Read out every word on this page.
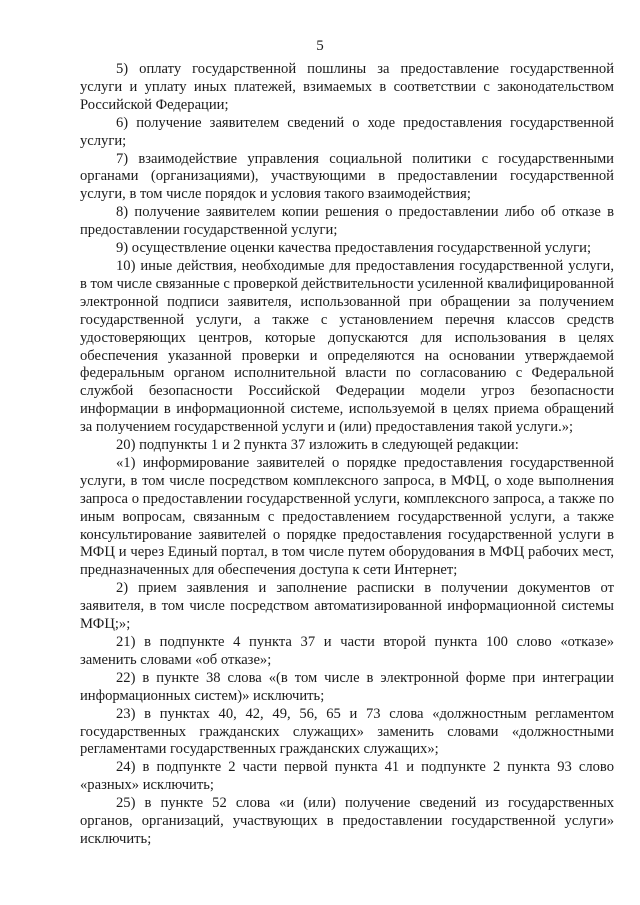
5

5) оплату государственной пошлины за предоставление государственной услуги и уплату иных платежей, взимаемых в соответствии с законодательством Российской Федерации;

6) получение заявителем сведений о ходе предоставления государственной услуги;

7) взаимодействие управления социальной политики с государственными органами (организациями), участвующими в предоставлении государственной услуги, в том числе порядок и условия такого взаимодействия;

8) получение заявителем копии решения о предоставлении либо об отказе в предоставлении государственной услуги;

9) осуществление оценки качества предоставления государственной услуги;

10) иные действия, необходимые для предоставления государственной услуги, в том числе связанные с проверкой действительности усиленной квалифицированной электронной подписи заявителя, использованной при обращении за получением государственной услуги, а также с установлением перечня классов средств удостоверяющих центров, которые допускаются для использования в целях обеспечения указанной проверки и определяются на основании утверждаемой федеральным органом исполнительной власти по согласованию с Федеральной службой безопасности Российской Федерации модели угроз безопасности информации в информационной системе, используемой в целях приема обращений за получением государственной услуги и (или) предоставления такой услуги.»;

20) подпункты 1 и 2 пункта 37 изложить в следующей редакции:

«1) информирование заявителей о порядке предоставления государственной услуги, в том числе посредством комплексного запроса, в МФЦ, о ходе выполнения запроса о предоставлении государственной услуги, комплексного запроса, а также по иным вопросам, связанным с предоставлением государственной услуги, а также консультирование заявителей о порядке предоставления государственной услуги в МФЦ и через Единый портал, в том числе путем оборудования в МФЦ рабочих мест, предназначенных для обеспечения доступа к сети Интернет;

2) прием заявления и заполнение расписки в получении документов от заявителя, в том числе посредством автоматизированной информационной системы МФЦ;»;

21) в подпункте 4 пункта 37 и части второй пункта 100 слово «отказе» заменить словами «об отказе»;

22) в пункте 38 слова «(в том числе в электронной форме при интеграции информационных систем)» исключить;

23) в пунктах 40, 42, 49, 56, 65 и 73 слова «должностным регламентом государственных гражданских служащих» заменить словами «должностными регламентами государственных гражданских служащих»;

24) в подпункте 2 части первой пункта 41 и подпункте 2 пункта 93 слово «разных» исключить;

25) в пункте 52 слова «и (или) получение сведений из государственных органов, организаций, участвующих в предоставлении государственной услуги» исключить;
